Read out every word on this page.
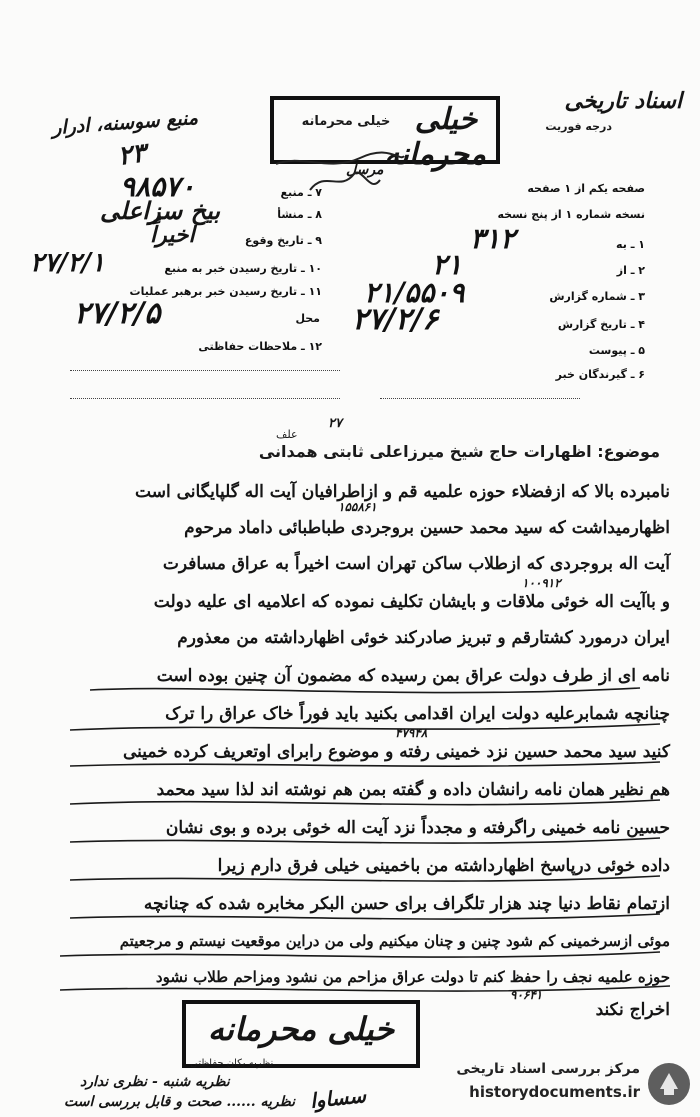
اسناد تاریخی
درجه فوریت
منبع سوسنه، ادرار
۲۳
خیلی محرمانه
خیلی محرمانه
مرسل
۷ ـ منبع
۹۸۵۷۰
۸ ـ منشأ
بیخ سزاعلی
۹ ـ تاریخ وقوع
اخیراً
۱۰ ـ تاریخ رسیدن خبر به منبع
۲۷/۲/۱
۱۱ ـ تاریخ رسیدن خبر برهبر عملیات
محل
۲۷/۲/۵
۱۲ ـ ملاحظات حفاظتی
صفحه یکم از ۱ صفحه
نسخه شماره ۱ از پنج نسخه
۱ ـ به
۳۱۲
۲ ـ از
۲۱
۳ ـ شماره گزارش
۲۱/۵۵۰۹
۴ ـ تاریخ گزارش
۲۷/۲/۶
۵ ـ پیوست
۶ ـ گیرندگان خبر
۲۷
علف
موضوع: اظهارات حاج شیخ میرزاعلی ثابتی همدانی
نامبرده بالا که ازفضلاء حوزه علمیه قم و ازاطرافیان آیت اله گلپایگانی است
۱۵۵۸۶۱
اظهارمیداشت که سید محمد حسین بروجردی طباطبائی داماد مرحوم
آیت اله بروجردی که ازطلاب ساکن تهران است اخیراً به عراق مسافرت
۱۰۰۹۱۲
و باآیت اله خوئی ملاقات و بایشان تکلیف نموده که اعلامیه ای علیه دولت
ایران درمورد کشتارقم و تبریز صادرکند خوئی اظهارداشته من معذورم
نامه ای از طرف دولت عراق بمن رسیده که مضمون آن چنین بوده است
چنانچه شمابرعلیه دولت ایران اقدامی بکنید باید فوراً خاک عراق را ترک
۴۷۹۴۸
کنید سید محمد حسین نزد خمینی رفته و موضوع رابرای اوتعریف کرده خمینی
هم نظیر همان نامه رانشان داده و گفته بمن هم نوشته اند لذا سید محمد
حسین نامه خمینی راگرفته و مجدداً نزد آیت اله خوئی برده و بوی نشان
داده خوئی درپاسخ اظهارداشته من باخمینی خیلی فرق دارم زیرا
ازتمام نقاط دنیا چند هزار تلگراف برای حسن البکر مخابره شده که چنانچه
موئی ازسرخمینی کم شود چنین و چنان میکنیم ولی من دراین موقعیت نیستم و مرجعیتم
حوزه علمیه نجف را حفظ کنم تا دولت عراق مزاحم من نشود ومزاحم طلاب نشود
۹۰۶۴۱
اخراج نکند
خیلی محرمانه
نظریه شنبه - نظری ندارد
نظریه یکان حفاظتی
نظریه ...... صحت و قابل بررسی است سساوا
مرکز بررسی اسناد تاریخی
historydocuments.ir
